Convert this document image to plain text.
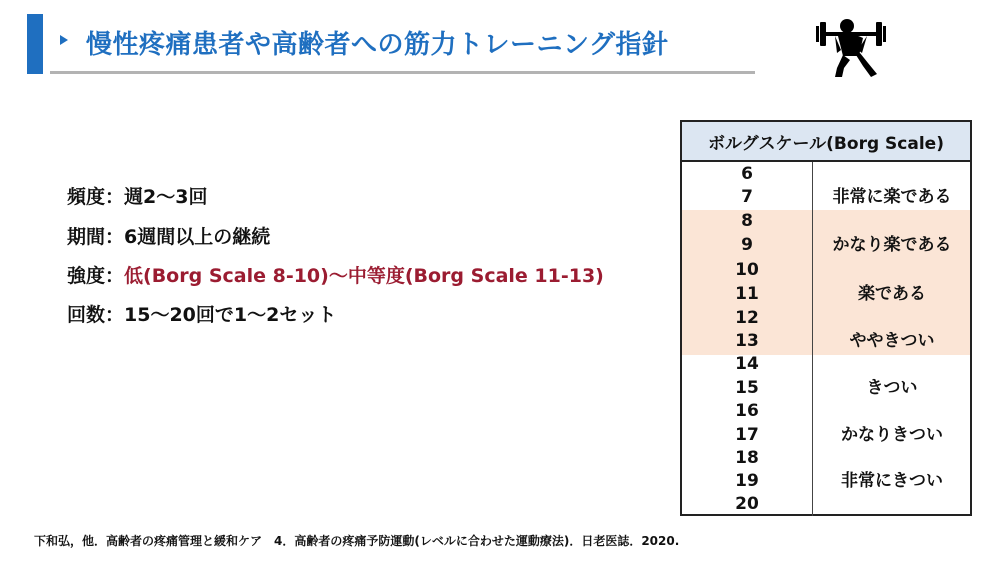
慢性疼痛患者や高齢者への筋力トレーニング指針
頻度：週2～3回
期間：6週間以上の継続
強度：低(Borg Scale 8-10)～中等度(Borg Scale 11-13)
回数：15～20回で1～2セット
ボルグスケール(Borg Scale)
6
7
8
9
10
11
12
13
14
15
16
17
18
19
20
非常に楽である
かなり楽である
楽である
ややきつい
きつい
かなりきつい
非常にきつい
下和弘，他．高齢者の疼痛管理と緩和ケア　4．高齢者の疼痛予防運動(レベルに合わせた運動療法)．日老医誌．2020.
